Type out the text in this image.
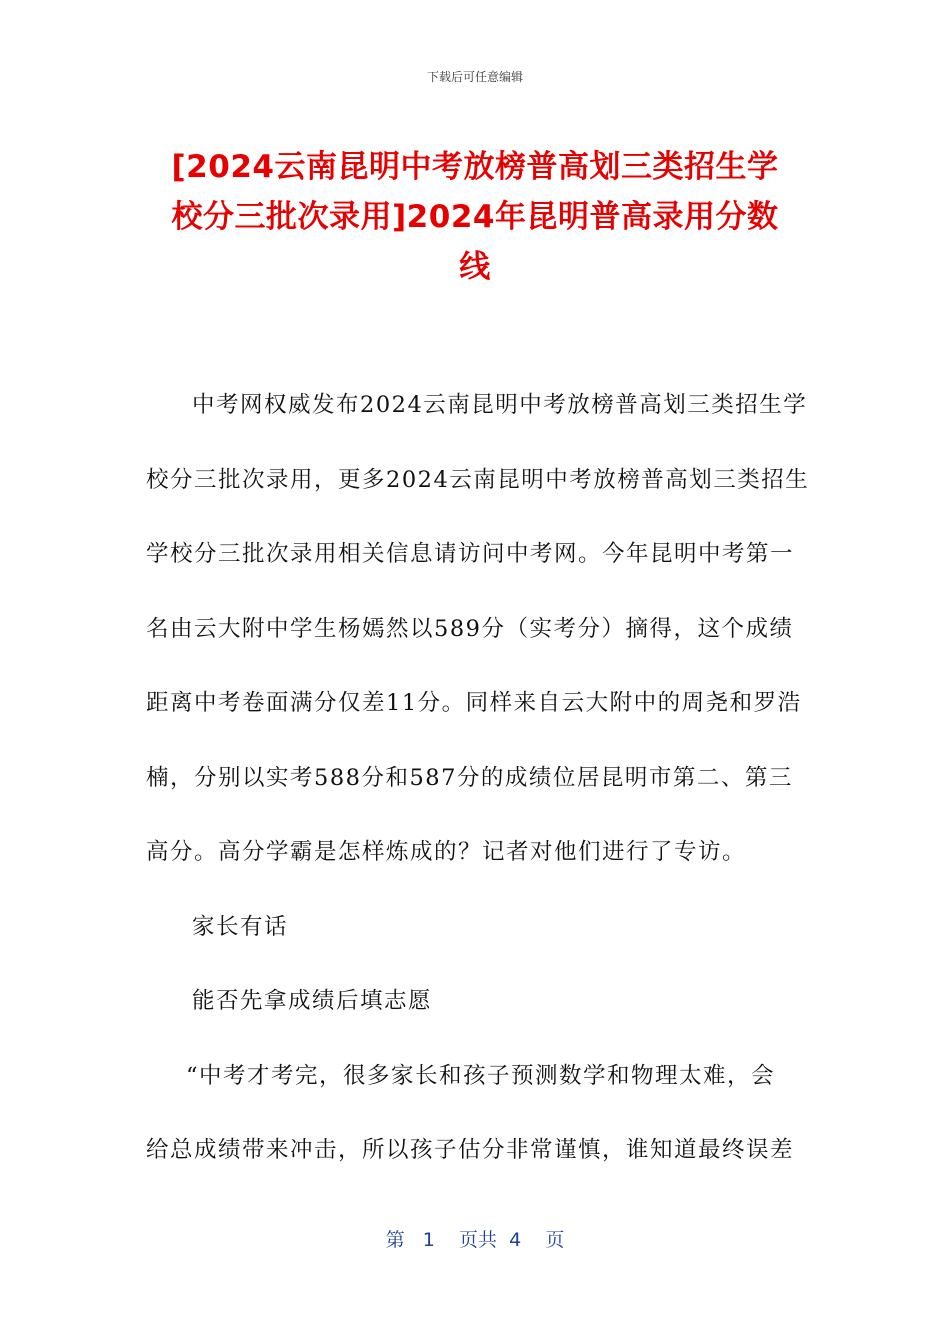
下载后可任意编辑
[2024云南昆明中考放榜普高划三类招生学
校分三批次录用]2024年昆明普高录用分数
线
中考网权威发布2024云南昆明中考放榜普高划三类招生学
校分三批次录用，更多2024云南昆明中考放榜普高划三类招生
学校分三批次录用相关信息请访问中考网。今年昆明中考第一
名由云大附中学生杨嫣然以589分（实考分）摘得，这个成绩
距离中考卷面满分仅差11分。同样来自云大附中的周尧和罗浩
楠，分别以实考588分和587分的成绩位居昆明市第二、第三
高分。高分学霸是怎样炼成的？记者对他们进行了专访。
家长有话
能否先拿成绩后填志愿
“中考才考完，很多家长和孩子预测数学和物理太难，会
给总成绩带来冲击，所以孩子估分非常谨慎，谁知道最终误差
第 1 页共 4 页
